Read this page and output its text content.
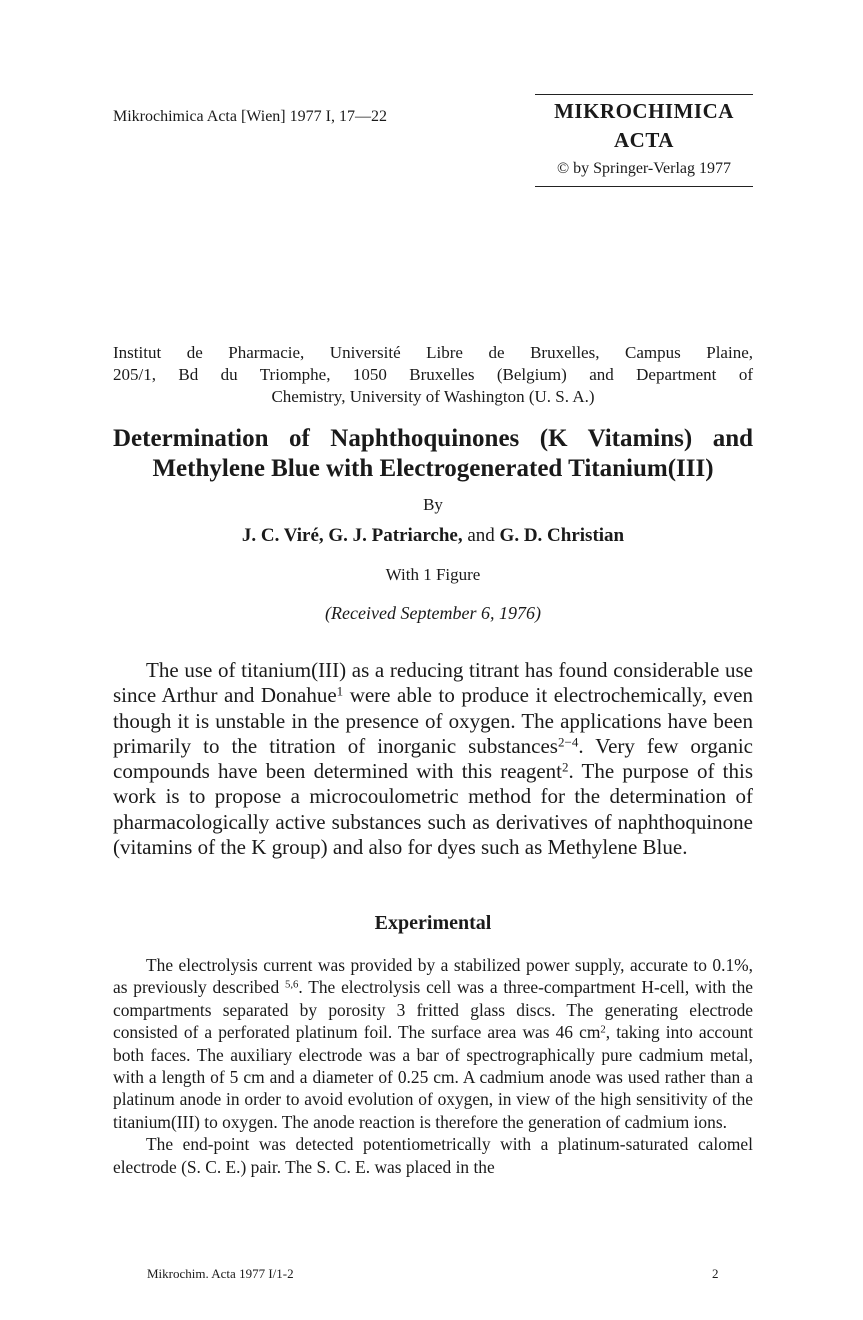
Mikrochimica Acta [Wien] 1977 I, 17—22	MIKROCHIMICA
ACTA
© by Springer-Verlag 1977

Institut de Pharmacie, Université Libre de Bruxelles, Campus Plaine,

205/1, Bd du Triomphe, 1050 Bruxelles (Belgium) and Department of

Chemistry, University of Washington (U. S. A.)

Determination of Naphthoquinones (K Vitamins) and

Methylene Blue with Electrogenerated Titanium(III)

By
J. C. Viré, G. J. Patriarche, and G. D. Christian
With 1 Figure
(Received September 6, 1976)

The use of titanium(III) as a reducing titrant has found considerable use since Arthur and Donahue$^1$ were able to produce it electrochemically, even though it is unstable in the presence of oxygen. The applications have been primarily to the titration of inorganic substances$^{2-4}$. Very few organic compounds have been determined with this reagent$^2$. The purpose of this work is to propose a microcoulometric method for the determination of pharmacologically active substances such as derivatives of naphthoquinone (vitamins of the K group) and also for dyes such as Methylene Blue.

Experimental

The electrolysis current was provided by a stabilized power supply, accurate to 0.1%, as previously described $^{5,6}$. The electrolysis cell was a three-compartment H-cell, with the compartments separated by porosity 3 fritted glass discs. The generating electrode consisted of a perforated platinum foil. The surface area was 46 $cm^2$, taking into account both faces. The auxiliary electrode was a bar of spectrographically pure cadmium metal, with a length of 5 cm and a diameter of 0.25 cm. A cadmium anode was used rather than a platinum anode in order to avoid evolution of oxygen, in view of the high sensitivity of the titanium(III) to oxygen. The anode reaction is therefore the generation of cadmium ions.

The end-point was detected potentiometrically with a platinum-saturated calomel electrode (S. C. E.) pair. The S. C. E. was placed in the

Mikrochim. Acta 1977 I/1-2	2
